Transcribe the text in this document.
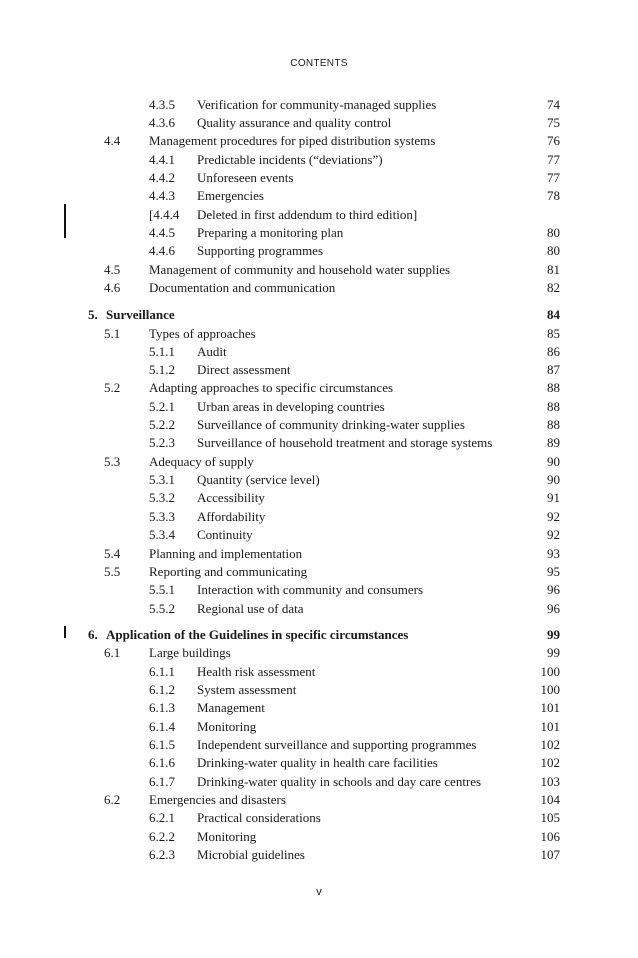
CONTENTS
4.3.5 Verification for community-managed supplies	74
4.3.6 Quality assurance and quality control	75
4.4 Management procedures for piped distribution systems	76
4.4.1 Predictable incidents (“deviations”)	77
4.4.2 Unforeseen events	77
4.4.3 Emergencies	78
[4.4.4 Deleted in first addendum to third edition]
4.4.5 Preparing a monitoring plan	80
4.4.6 Supporting programmes	80
4.5 Management of community and household water supplies	81
4.6 Documentation and communication	82
5. Surveillance	84
5.1 Types of approaches	85
5.1.1 Audit	86
5.1.2 Direct assessment	87
5.2 Adapting approaches to specific circumstances	88
5.2.1 Urban areas in developing countries	88
5.2.2 Surveillance of community drinking-water supplies	88
5.2.3 Surveillance of household treatment and storage systems	89
5.3 Adequacy of supply	90
5.3.1 Quantity (service level)	90
5.3.2 Accessibility	91
5.3.3 Affordability	92
5.3.4 Continuity	92
5.4 Planning and implementation	93
5.5 Reporting and communicating	95
5.5.1 Interaction with community and consumers	96
5.5.2 Regional use of data	96
6. Application of the Guidelines in specific circumstances	99
6.1 Large buildings	99
6.1.1 Health risk assessment	100
6.1.2 System assessment	100
6.1.3 Management	101
6.1.4 Monitoring	101
6.1.5 Independent surveillance and supporting programmes	102
6.1.6 Drinking-water quality in health care facilities	102
6.1.7 Drinking-water quality in schools and day care centres	103
6.2 Emergencies and disasters	104
6.2.1 Practical considerations	105
6.2.2 Monitoring	106
6.2.3 Microbial guidelines	107
v
